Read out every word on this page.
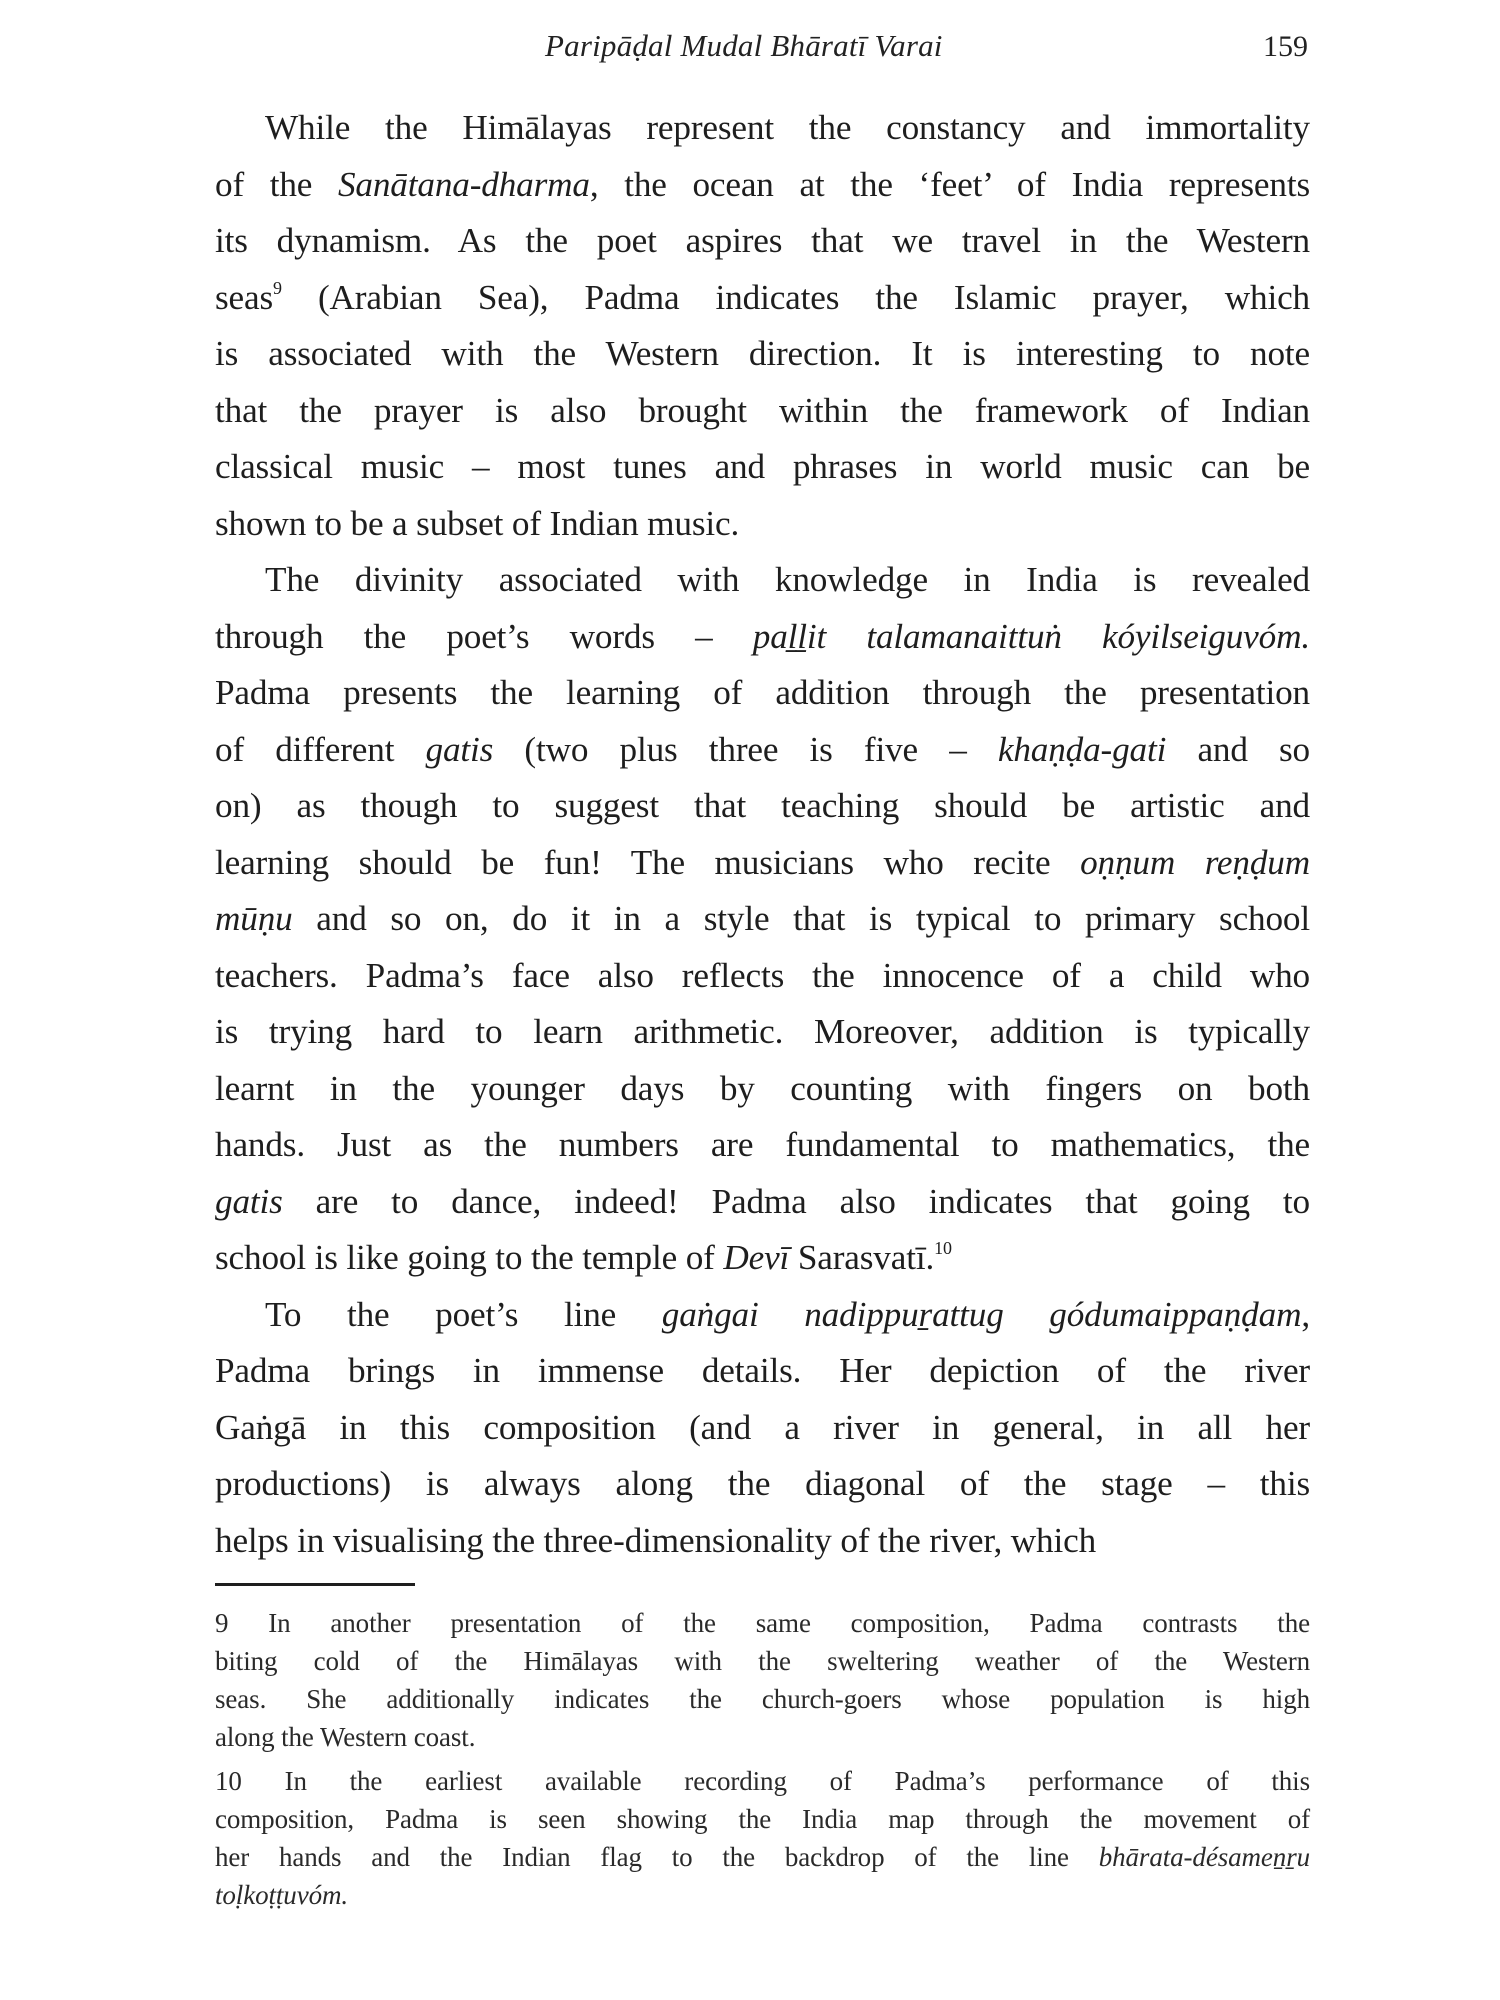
Paripāḍal Mudal Bhāratī Varai	159

While the Himālayas represent the constancy and immortality
of the Sanātana-dharma, the ocean at the ‘feet’ of India represents
its dynamism. As the poet aspires that we travel in the Western
seas$^9$ (Arabian Sea), Padma indicates the Islamic prayer, which
is associated with the Western direction. It is interesting to note
that the prayer is also brought within the framework of Indian
classical music – most tunes and phrases in world music can be
shown to be a subset of Indian music.

The divinity associated with knowledge in India is revealed
through the poet’s words – paḻḻit talamanaittuṅ kóyilseiguvóm.
Padma presents the learning of addition through the presentation
of different gatis (two plus three is five – khaṇḍa-gati and so
on) as though to suggest that teaching should be artistic and
learning should be fun! The musicians who recite oṇṇum reṇḍum
mūṇu and so on, do it in a style that is typical to primary school
teachers. Padma’s face also reflects the innocence of a child who
is trying hard to learn arithmetic. Moreover, addition is typically
learnt in the younger days by counting with fingers on both
hands. Just as the numbers are fundamental to mathematics, the
gatis are to dance, indeed! Padma also indicates that going to
school is like going to the temple of Devī Sarasvatī.$^{10}$

To the poet’s line gaṅgai nadippuṟattug gódumaippaṇḍam,
Padma brings in immense details. Her depiction of the river
Gaṅgā in this composition (and a river in general, in all her
productions) is always along the diagonal of the stage – this
helps in visualising the three-dimensionality of the river, which

9 In another presentation of the same composition, Padma contrasts the
biting cold of the Himālayas with the sweltering weather of the Western
seas. She additionally indicates the church-goers whose population is high
along the Western coast.
10 In the earliest available recording of Padma’s performance of this
composition, Padma is seen showing the India map through the movement of
her hands and the Indian flag to the backdrop of the line bhārata-désameṉṟu
toḷkoṭṭuvóm.
